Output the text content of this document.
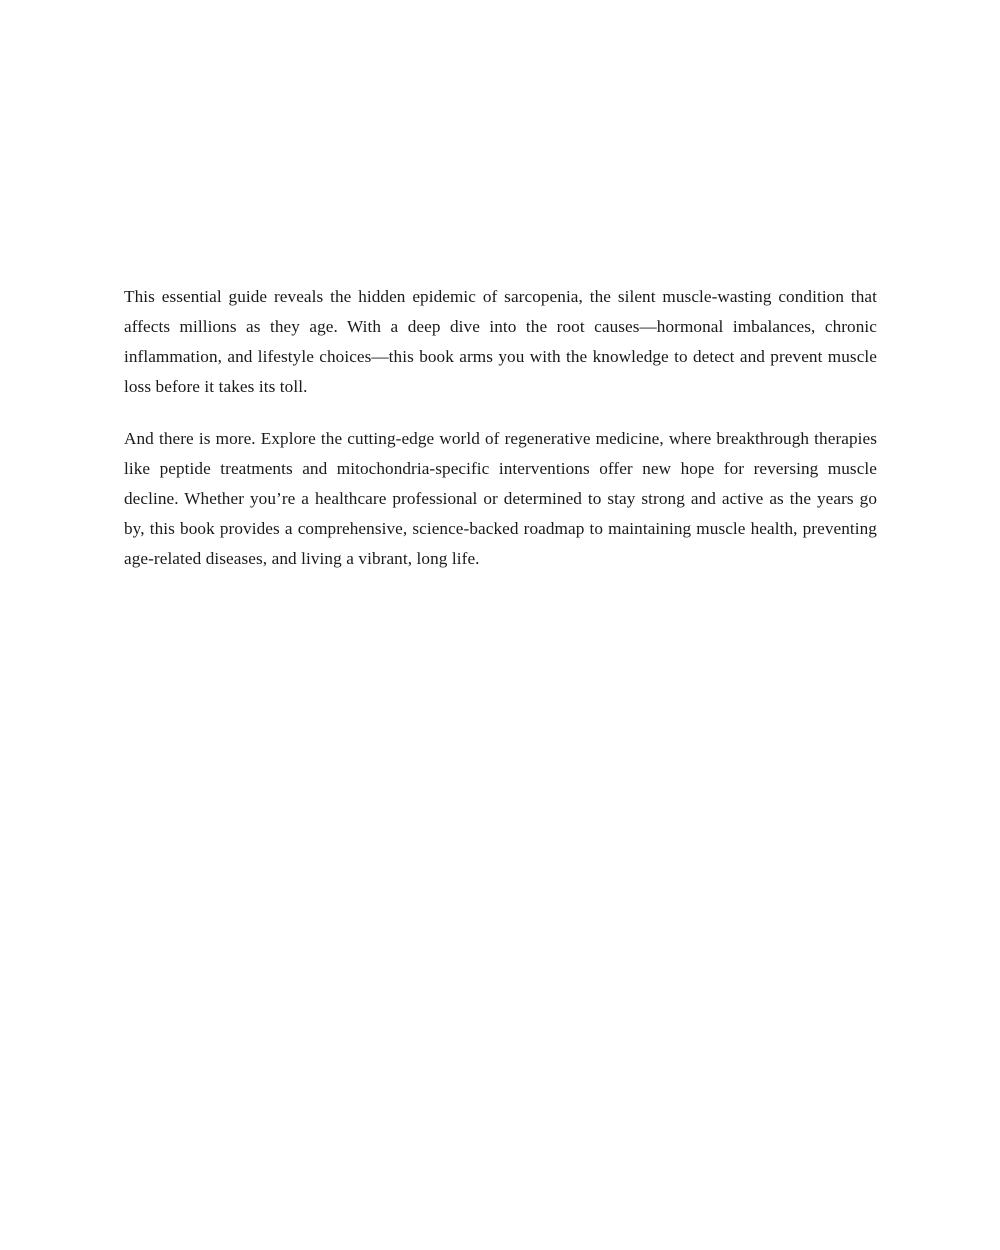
This essential guide reveals the hidden epidemic of sarcopenia, the silent muscle-wasting condition that affects millions as they age. With a deep dive into the root causes—hormonal imbalances, chronic inflammation, and lifestyle choices—this book arms you with the knowledge to detect and prevent muscle loss before it takes its toll.

And there is more. Explore the cutting-edge world of regenerative medicine, where breakthrough therapies like peptide treatments and mitochondria-specific interventions offer new hope for reversing muscle decline. Whether you’re a healthcare professional or determined to stay strong and active as the years go by, this book provides a comprehensive, science-backed roadmap to maintaining muscle health, preventing age-related diseases, and living a vibrant, long life.
